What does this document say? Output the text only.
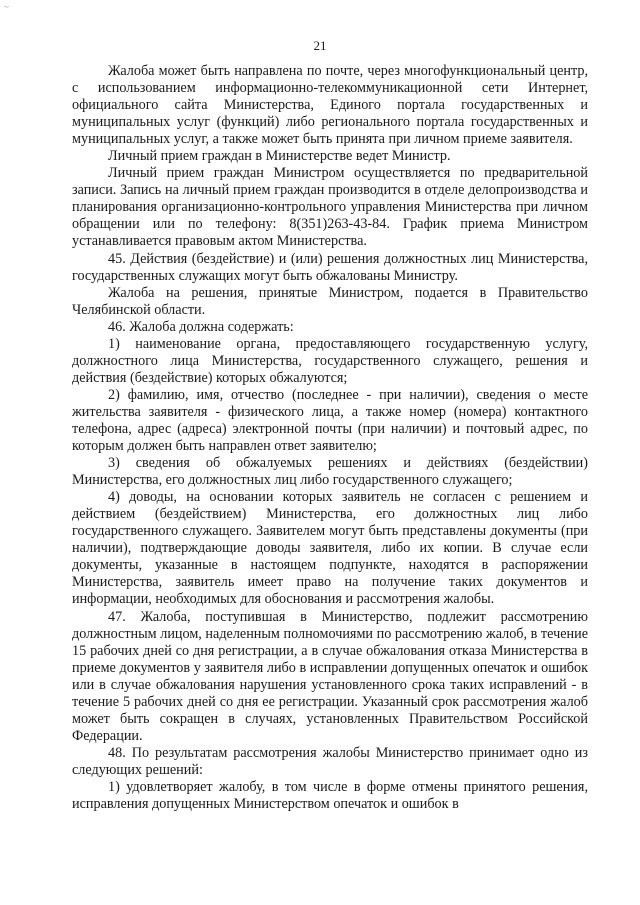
~
21

Жалоба может быть направлена по почте, через многофункциональный центр, с использованием информационно-телекоммуникационной сети Интернет, официального сайта Министерства, Единого портала государственных и муниципальных услуг (функций) либо регионального портала государственных и муниципальных услуг, а также может быть принята при личном приеме заявителя.

Личный прием граждан в Министерстве ведет Министр.

Личный прием граждан Министром осуществляется по предварительной записи. Запись на личный прием граждан производится в отделе делопроизводства и планирования организационно-контрольного управления Министерства при личном обращении или по телефону: 8(351)263-43-84. График приема Министром устанавливается правовым актом Министерства.

45. Действия (бездействие) и (или) решения должностных лиц Министерства, государственных служащих могут быть обжалованы Министру.

Жалоба на решения, принятые Министром, подается в Правительство Челябинской области.

46. Жалоба должна содержать:

1) наименование органа, предоставляющего государственную услугу, должностного лица Министерства, государственного служащего, решения и действия (бездействие) которых обжалуются;

2) фамилию, имя, отчество (последнее - при наличии), сведения о месте жительства заявителя - физического лица, а также номер (номера) контактного телефона, адрес (адреса) электронной почты (при наличии) и почтовый адрес, по которым должен быть направлен ответ заявителю;

3) сведения об обжалуемых решениях и действиях (бездействии) Министерства, его должностных лиц либо государственного служащего;

4) доводы, на основании которых заявитель не согласен с решением и действием (бездействием) Министерства, его должностных лиц либо государственного служащего. Заявителем могут быть представлены документы (при наличии), подтверждающие доводы заявителя, либо их копии. В случае если документы, указанные в настоящем подпункте, находятся в распоряжении Министерства, заявитель имеет право на получение таких документов и информации, необходимых для обоснования и рассмотрения жалобы.

47. Жалоба, поступившая в Министерство, подлежит рассмотрению должностным лицом, наделенным полномочиями по рассмотрению жалоб, в течение 15 рабочих дней со дня регистрации, а в случае обжалования отказа Министерства в приеме документов у заявителя либо в исправлении допущенных опечаток и ошибок или в случае обжалования нарушения установленного срока таких исправлений - в течение 5 рабочих дней со дня ее регистрации. Указанный срок рассмотрения жалоб может быть сокращен в случаях, установленных Правительством Российской Федерации.

48. По результатам рассмотрения жалобы Министерство принимает одно из следующих решений:

1) удовлетворяет жалобу, в том числе в форме отмены принятого решения, исправления допущенных Министерством опечаток и ошибок в
